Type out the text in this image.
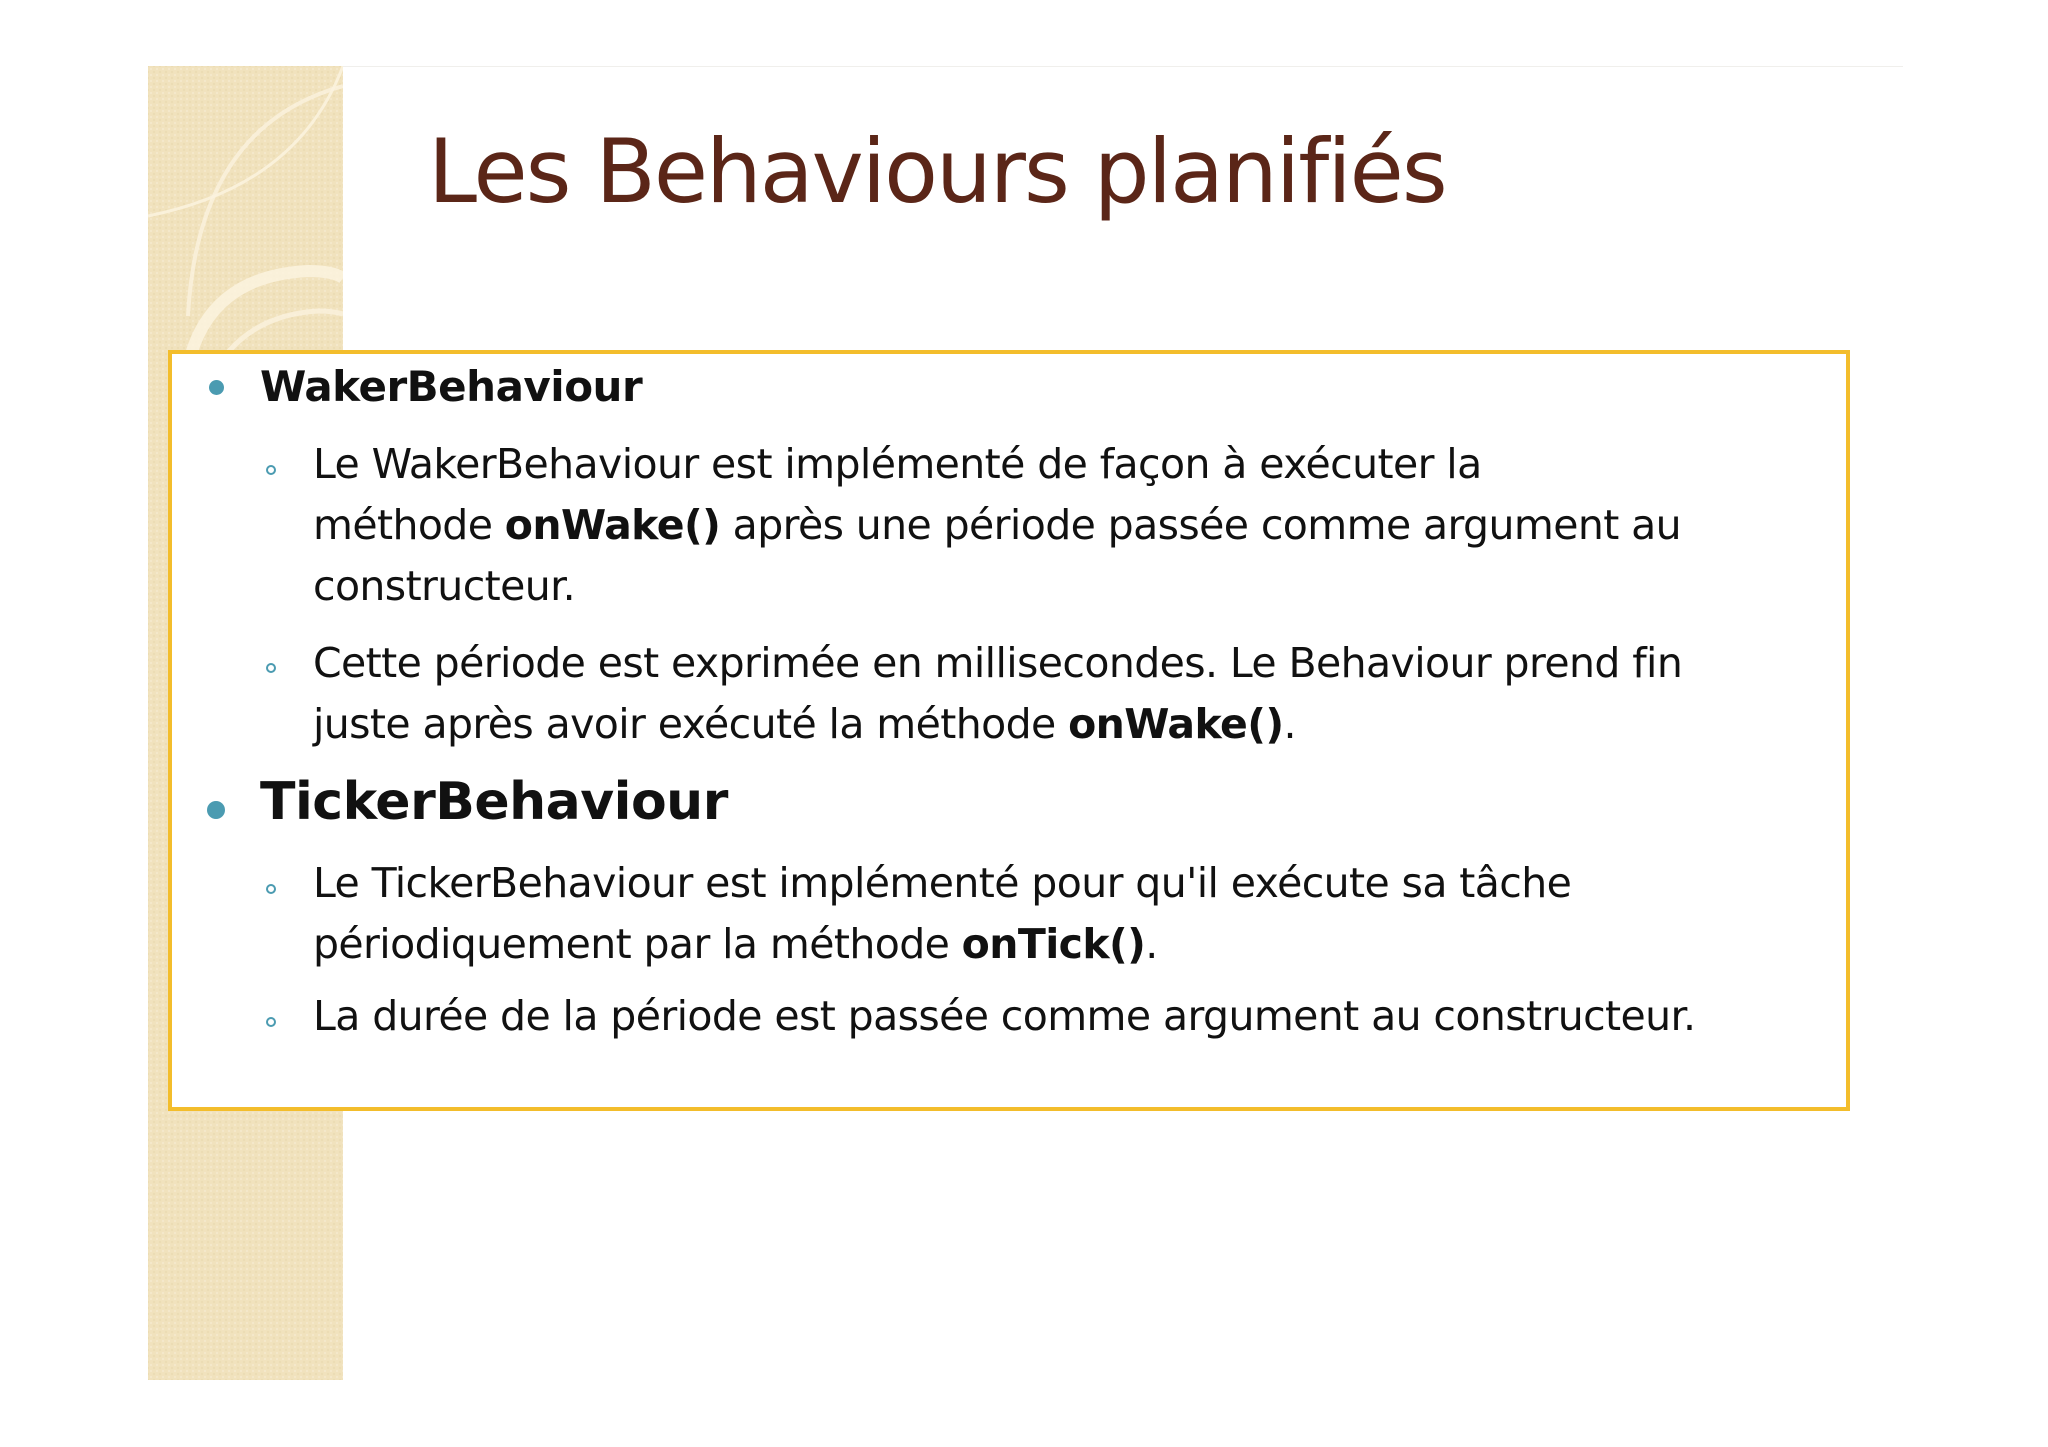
Les Behaviours planifiés
WakerBehaviour
Le WakerBehaviour est implémenté de façon à exécuter la
méthode onWake() après une période passée comme argument au
constructeur.
Cette période est exprimée en millisecondes. Le Behaviour prend fin
juste après avoir exécuté la méthode onWake().
TickerBehaviour
Le TickerBehaviour est implémenté pour qu'il exécute sa tâche
périodiquement par la méthode onTick().
La durée de la période est passée comme argument au constructeur.
